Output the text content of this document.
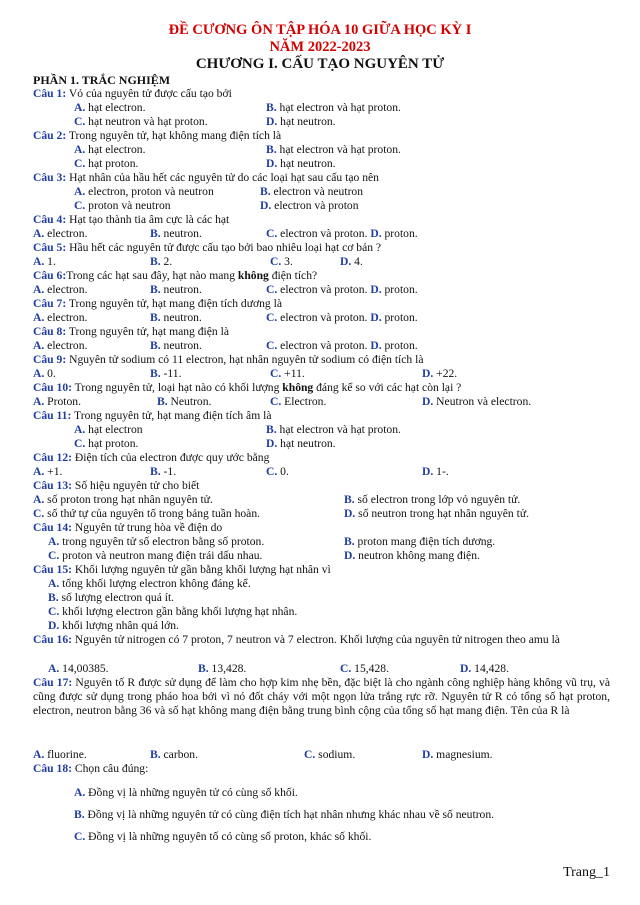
ĐỀ CƯƠNG ÔN TẬP HÓA 10 GIỮA HỌC KỲ I
NĂM 2022-2023
CHƯƠNG I. CẤU TẠO NGUYÊN TỬ
PHẦN 1. TRẮC NGHIỆM
Câu 1: Vỏ của nguyên tử được cấu tạo bởi
A. hạt electron.	B. hạt electron và hạt proton.
C. hạt neutron và hạt proton.	D. hạt neutron.
Câu 2: Trong nguyên tử, hạt không mang điện tích là
A. hạt electron.	B. hạt electron và hạt proton.
C. hạt proton.	D. hạt neutron.
Câu 3: Hạt nhân của hầu hết các nguyên tử do các loại hạt sau cấu tạo nên
A. electron, proton và neutron	B. electron và neutron
C. proton và neutron	D. electron và proton
Câu 4: Hạt tạo thành tia âm cực là các hạt
A. electron.	B. neutron.	C. electron và proton. D. proton.
Câu 5: Hầu hết các nguyên tử được cấu tạo bởi bao nhiêu loại hạt cơ bản ?
A. 1.	B. 2.	C. 3.	D. 4.
Câu 6:Trong các hạt sau đây, hạt nào mang không điện tích?
A. electron.	B. neutron.	C. electron và proton. D. proton.
Câu 7: Trong nguyên tử, hạt mang điện tích dương là
A. electron.	B. neutron.	C. electron và proton. D. proton.
Câu 8: Trong nguyên tử, hạt mang điện là
A. electron.	B. neutron.	C. electron và proton. D. proton.
Câu 9: Nguyên tử sodium có 11 electron, hạt nhân nguyên tử sodium có điện tích là
A. 0.	B. -11.	C. +11.	D. +22.
Câu 10: Trong nguyên tử, loại hạt nào có khối lượng không đáng kể so với các hạt còn lại ?
A. Proton.	B. Neutron.	C. Electron.	D. Neutron và electron.
Câu 11: Trong nguyên tử, hạt mang điện tích âm là
A. hạt electron	B. hạt electron và hạt proton.
C. hạt proton.	D. hạt neutron.
Câu 12: Điện tích của electron được quy ước bằng
A. +1.	B. -1.	C. 0.	D. 1-.
Câu 13: Số hiệu nguyên tử cho biết
A. số proton trong hạt nhân nguyên tử.	B. số electron trong lớp vỏ nguyên tử.
C. số thứ tự của nguyên tố trong bảng tuần hoàn.	D. số neutron trong hạt nhân nguyên tử.
Câu 14: Nguyên tử trung hòa về điện do
A. trong nguyên tử số electron bằng số proton.	B. proton mang điện tích dương.
C. proton và neutron mang điện trái dấu nhau.	D. neutron không mang điện.
Câu 15: Khối lượng nguyên tử gần bằng khối lượng hạt nhân vì
A. tổng khối lượng electron không đáng kể.
B. số lượng electron quá ít.
C. khối lượng electron gần bằng khối lượng hạt nhân.
D. khối lượng nhân quá lớn.
Câu 16: Nguyên tử nitrogen có 7 proton, 7 neutron và 7 electron. Khối lượng của nguyên tử nitrogen theo amu là
A. 14,00385.	B. 13,428.	C. 15,428.	D. 14,428.
Câu 17: Nguyên tố R được sử dụng để làm cho hợp kim nhẹ bền, đặc biệt là cho ngành công nghiệp hàng không vũ trụ, và cũng được sử dụng trong pháo hoa bởi vì nó đốt cháy với một ngọn lửa trắng rực rỡ. Nguyên tử R có tổng số hạt proton, electron, neutron bằng 36 và số hạt không mang điện bằng trung bình cộng của tổng số hạt mang điện. Tên của R là
A. fluorine.	B. carbon.	C. sodium.	D. magnesium.
Câu 18: Chọn câu đúng:
A. Đồng vị là những nguyên tử có cùng số khối.
B. Đồng vị là những nguyên tử có cùng điện tích hạt nhân nhưng khác nhau về số neutron.
C. Đồng vị là những nguyên tố có cùng số proton, khác số khối.
Trang_1
